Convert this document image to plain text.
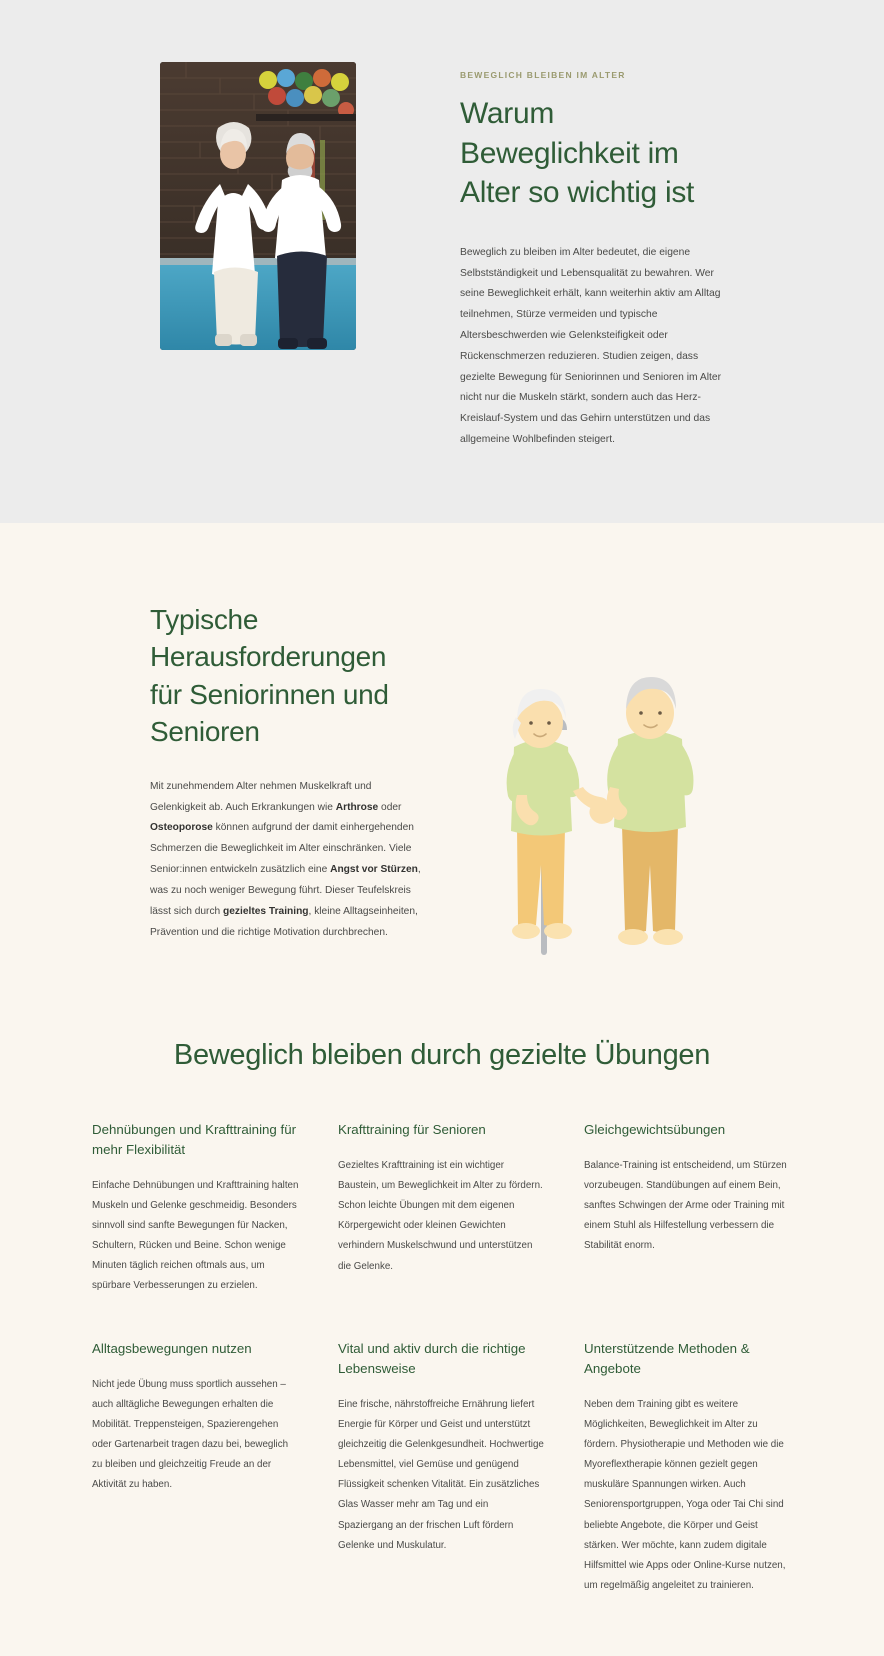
BEWEGLICH BLEIBEN IM ALTER
Warum Beweglichkeit im Alter so wichtig ist

Beweglich zu bleiben im Alter bedeutet, die eigene Selbstständigkeit und Lebensqualität zu bewahren. Wer seine Beweglichkeit erhält, kann weiterhin aktiv am Alltag teilnehmen, Stürze vermeiden und typische Altersbeschwerden wie Gelenksteifigkeit oder Rückenschmerzen reduzieren. Studien zeigen, dass gezielte Bewegung für Seniorinnen und Senioren im Alter nicht nur die Muskeln stärkt, sondern auch das Herz-Kreislauf-System und das Gehirn unterstützen und das allgemeine Wohlbefinden steigert.

Typische Herausforderungen für Seniorinnen und Senioren

Mit zunehmendem Alter nehmen Muskelkraft und Gelenkigkeit ab. Auch Erkrankungen wie Arthrose oder Osteoporose können aufgrund der damit einhergehenden Schmerzen die Beweglichkeit im Alter einschränken. Viele Senior:innen entwickeln zusätzlich eine Angst vor Stürzen, was zu noch weniger Bewegung führt. Dieser Teufelskreis lässt sich durch gezieltes Training, kleine Alltagseinheiten, Prävention und die richtige Motivation durchbrechen.

Beweglich bleiben durch gezielte Übungen
Dehnübungen und Krafttraining für mehr Flexibilität
Einfache Dehnübungen und Krafttraining halten Muskeln und Gelenke geschmeidig. Besonders sinnvoll sind sanfte Bewegungen für Nacken, Schultern, Rücken und Beine. Schon wenige Minuten täglich reichen oftmals aus, um spürbare Verbesserungen zu erzielen.
Krafttraining für Senioren
Gezieltes Krafttraining ist ein wichtiger Baustein, um Beweglichkeit im Alter zu fördern. Schon leichte Übungen mit dem eigenen Körpergewicht oder kleinen Gewichten verhindern Muskelschwund und unterstützen die Gelenke.
Gleichgewichtsübungen
Balance-Training ist entscheidend, um Stürzen vorzubeugen. Standübungen auf einem Bein, sanftes Schwingen der Arme oder Training mit einem Stuhl als Hilfestellung verbessern die Stabilität enorm.
Alltagsbewegungen nutzen
Nicht jede Übung muss sportlich aussehen – auch alltägliche Bewegungen erhalten die Mobilität. Treppensteigen, Spazierengehen oder Gartenarbeit tragen dazu bei, beweglich zu bleiben und gleichzeitig Freude an der Aktivität zu haben.
Vital und aktiv durch die richtige Lebensweise
Eine frische, nährstoffreiche Ernährung liefert Energie für Körper und Geist und unterstützt gleichzeitig die Gelenkgesundheit. Hochwertige Lebensmittel, viel Gemüse und genügend Flüssigkeit schenken Vitalität. Ein zusätzliches Glas Wasser mehr am Tag und ein Spaziergang an der frischen Luft fördern Gelenke und Muskulatur.
Unterstützende Methoden & Angebote
Neben dem Training gibt es weitere Möglichkeiten, Beweglichkeit im Alter zu fördern. Physiotherapie und Methoden wie die Myoreflextherapie können gezielt gegen muskuläre Spannungen wirken. Auch Seniorensportgruppen, Yoga oder Tai Chi sind beliebte Angebote, die Körper und Geist stärken. Wer möchte, kann zudem digitale Hilfsmittel wie Apps oder Online-Kurse nutzen, um regelmäßig angeleitet zu trainieren.
